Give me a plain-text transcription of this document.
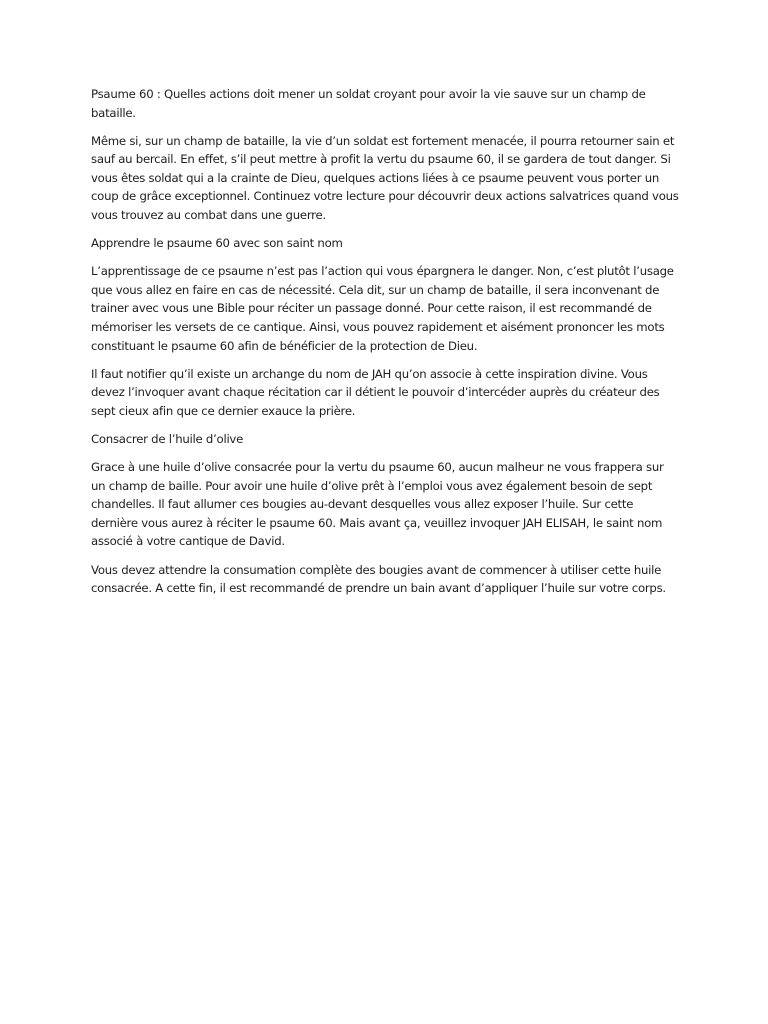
Psaume 60 : Quelles actions doit mener un soldat croyant pour avoir la vie sauve sur un champ de bataille.

Même si, sur un champ de bataille, la vie d’un soldat est fortement menacée, il pourra retourner sain et sauf au bercail. En effet, s’il peut mettre à profit la vertu du psaume 60, il se gardera de tout danger. Si vous êtes soldat qui a la crainte de Dieu, quelques actions liées à ce psaume peuvent vous porter un coup de grâce exceptionnel. Continuez votre lecture pour découvrir deux actions salvatrices quand vous vous trouvez au combat dans une guerre.

Apprendre le psaume 60 avec son saint nom

L’apprentissage de ce psaume n’est pas l’action qui vous épargnera le danger. Non, c’est plutôt l’usage que vous allez en faire en cas de nécessité. Cela dit, sur un champ de bataille, il sera inconvenant de trainer avec vous une Bible pour réciter un passage donné. Pour cette raison, il est recommandé de mémoriser les versets de ce cantique. Ainsi, vous pouvez rapidement et aisément prononcer les mots constituant le psaume 60 afin de bénéficier de la protection de Dieu.

Il faut notifier qu’il existe un archange du nom de JAH qu’on associe à cette inspiration divine. Vous devez l’invoquer avant chaque récitation car il détient le pouvoir d’intercéder auprès du créateur des sept cieux afin que ce dernier exauce la prière.

Consacrer de l’huile d’olive

Grace à une huile d’olive consacrée pour la vertu du psaume 60, aucun malheur ne vous frappera sur un champ de baille. Pour avoir une huile d’olive prêt à l’emploi vous avez également besoin de sept chandelles. Il faut allumer ces bougies au-devant desquelles vous allez exposer l’huile. Sur cette dernière vous aurez à réciter le psaume 60. Mais avant ça, veuillez invoquer JAH ELISAH, le saint nom associé à votre cantique de David.

Vous devez attendre la consumation complète des bougies avant de commencer à utiliser cette huile consacrée. A cette fin, il est recommandé de prendre un bain avant d’appliquer l’huile sur votre corps.
